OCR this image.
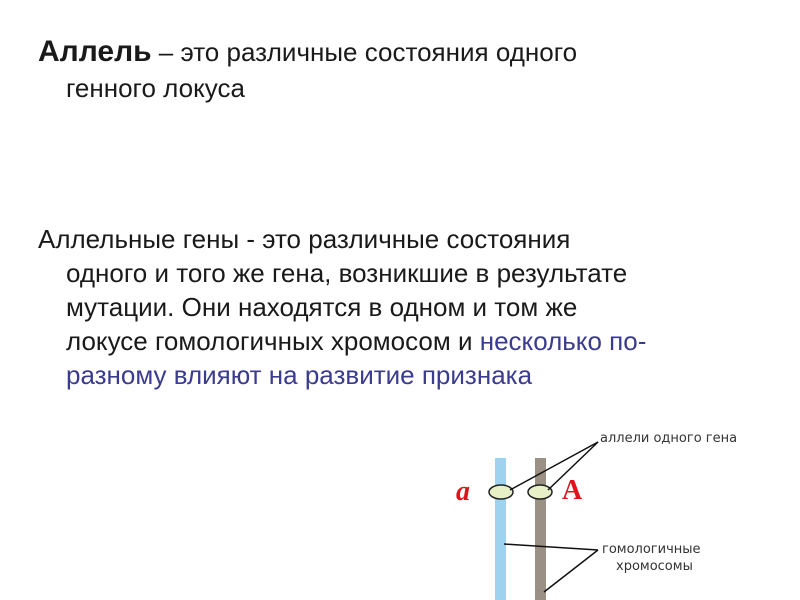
Аллель – это различные состояния одного
генного локуса
Аллельные гены - это различные состояния
одного и того же гена, возникшие в результате
мутации. Они находятся в одном и том же
локусе гомологичных хромосом и несколько по-
разному влияют на развитие признака
a	A
аллели одного гена
гомологичные
хромосомы
